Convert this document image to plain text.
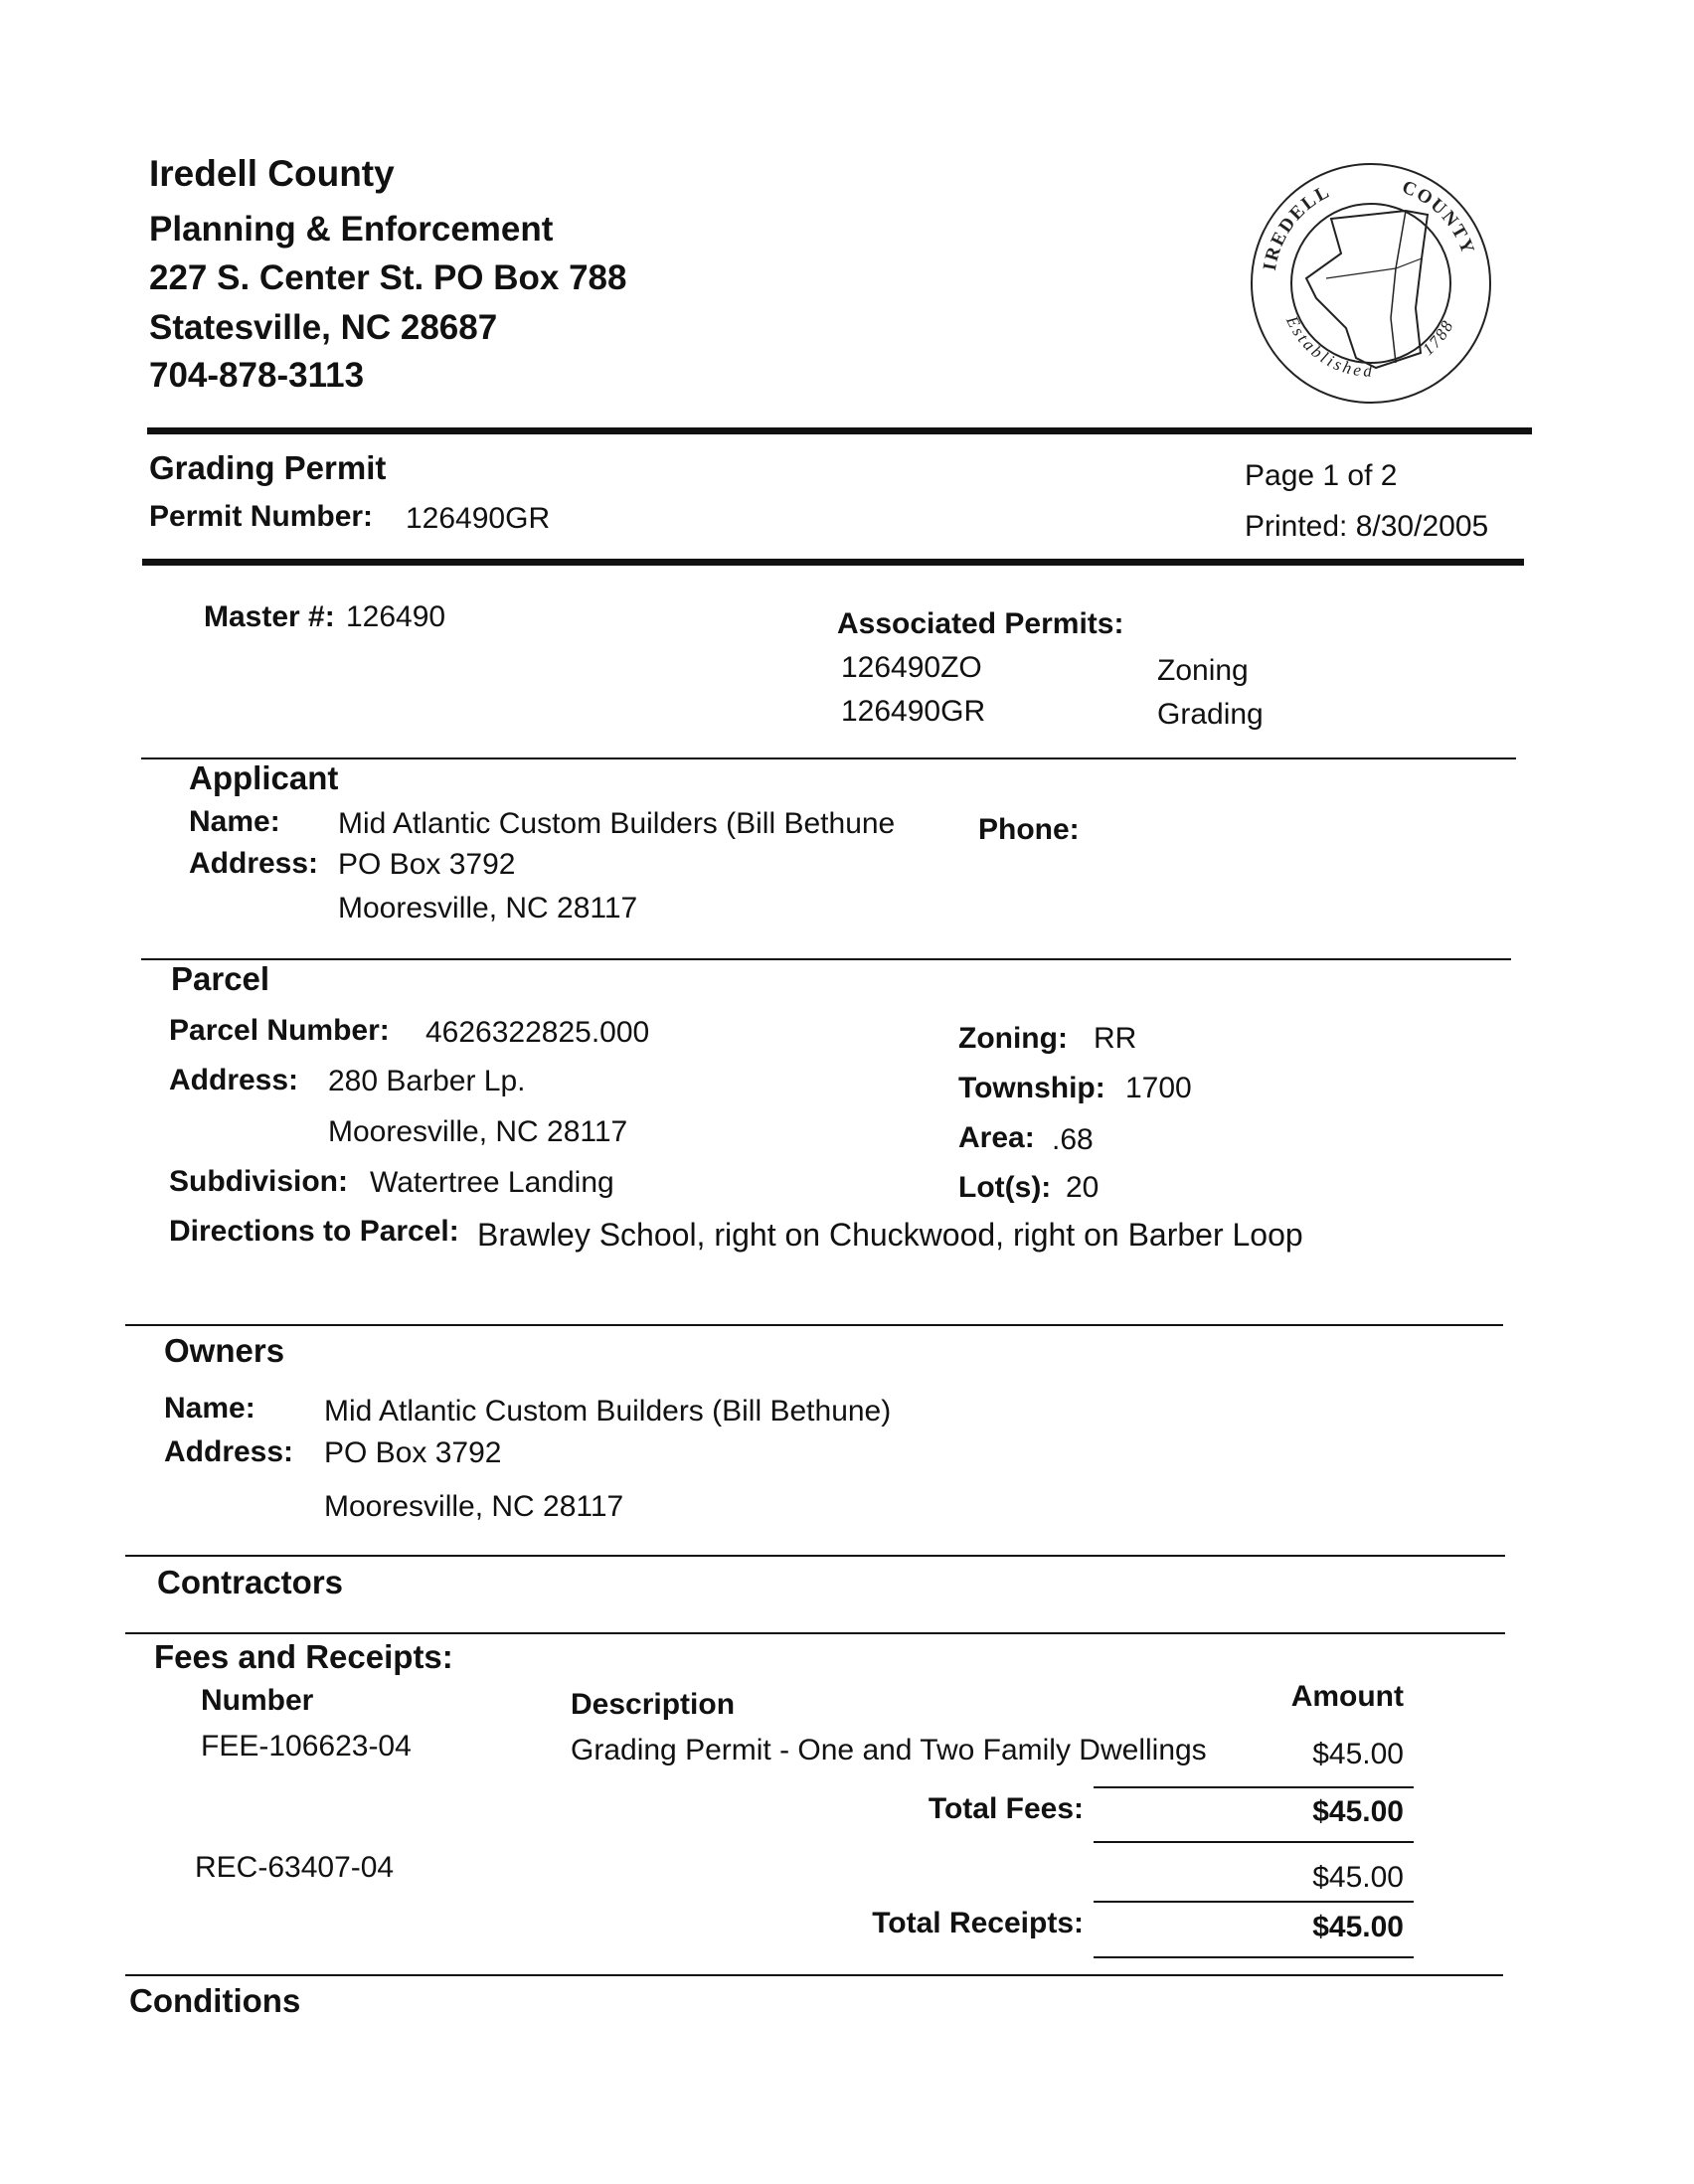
Iredell County
Planning & Enforcement
227 S. Center St. PO Box 788
Statesville, NC 28687
704-878-3113
IREDELL	COUNTY
Established
1788
Grading Permit
Permit Number: 126490GR
Page 1 of 2
Printed: 8/30/2005
Master #: 126490	Associated Permits:
126490ZO	Zoning
126490GR	Grading
Applicant
Name: Mid Atlantic Custom Builders (Bill Bethune	Phone:
Address: PO Box 3792
Mooresville, NC 28117
Parcel
Parcel Number: 4626322825.000
Address: 280 Barber Lp.
Mooresville, NC 28117
Subdivision: Watertree Landing
Zoning: RR
Township: 1700
Area: .68
Lot(s): 20
Directions to Parcel: Brawley School, right on Chuckwood, right on Barber Loop
Owners
Name: Mid Atlantic Custom Builders (Bill Bethune)
Address: PO Box 3792
Mooresville, NC 28117
Contractors
Fees and Receipts:
Number	Description	Amount
FEE-106623-04	Grading Permit - One and Two Family Dwellings	$45.00
Total Fees:	$45.00
REC-63407-04	$45.00
Total Receipts:	$45.00
Conditions
